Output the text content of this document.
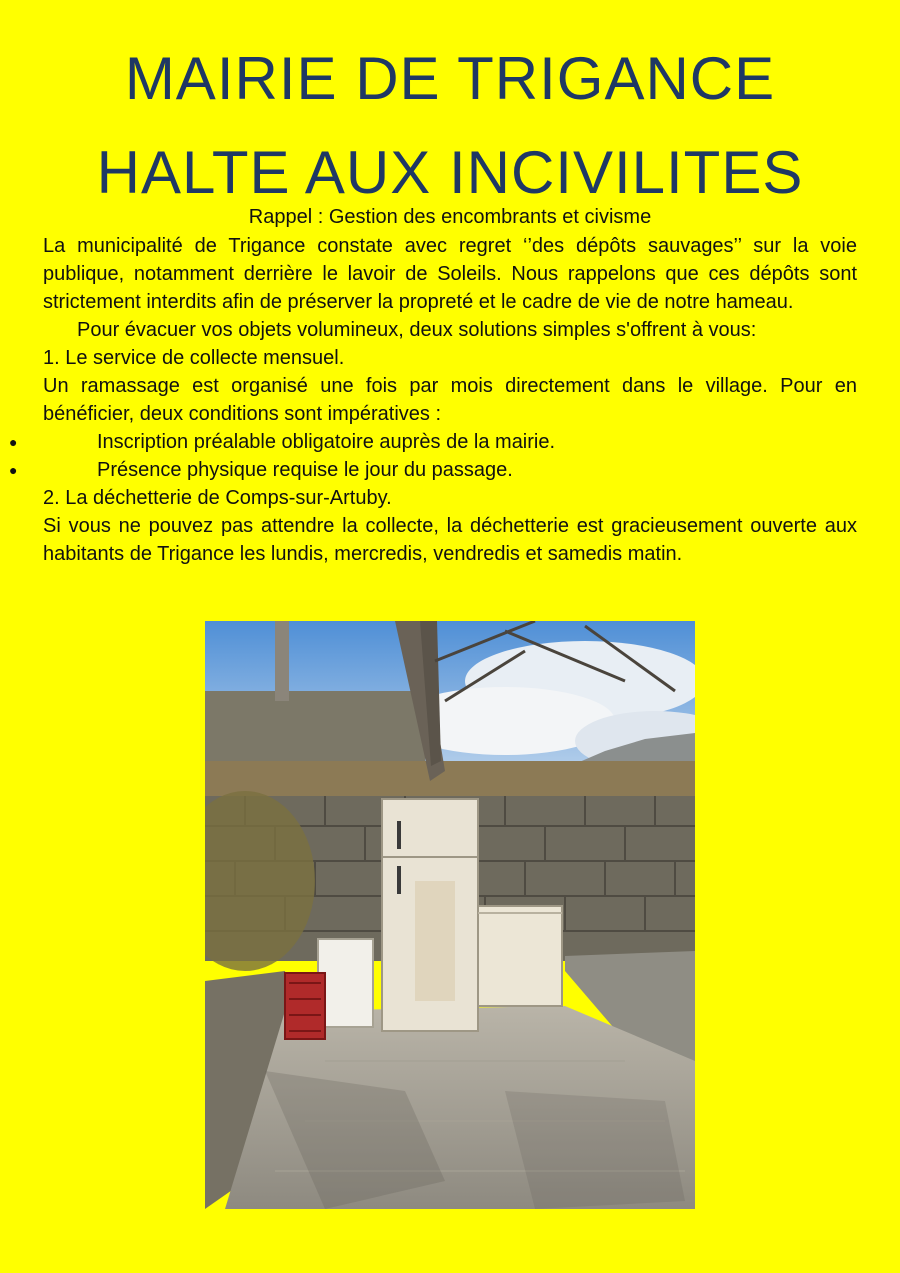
MAIRIE DE TRIGANCE
HALTE AUX INCIVILITES
Rappel : Gestion des encombrants et civisme

La municipalité de Trigance constate avec regret ‘’des dépôts sauvages’’ sur la voie publique, notamment derrière le lavoir de Soleils. Nous rappelons que ces dépôts sont strictement interdits afin de préserver la propreté et le cadre de vie de notre hameau.

Pour évacuer vos objets volumineux, deux solutions simples s'offrent à vous:

1. Le service de collecte mensuel.

Un ramassage est organisé une fois par mois directement dans le village. Pour en bénéficier, deux conditions sont impératives :

●	Inscription préalable obligatoire auprès de la mairie.

●	Présence physique requise le jour du passage.

2. La déchetterie de Comps-sur-Artuby.

Si vous ne pouvez pas attendre la collecte, la déchetterie est gracieusement ouverte aux habitants de Trigance les lundis, mercredis, vendredis et samedis matin.
